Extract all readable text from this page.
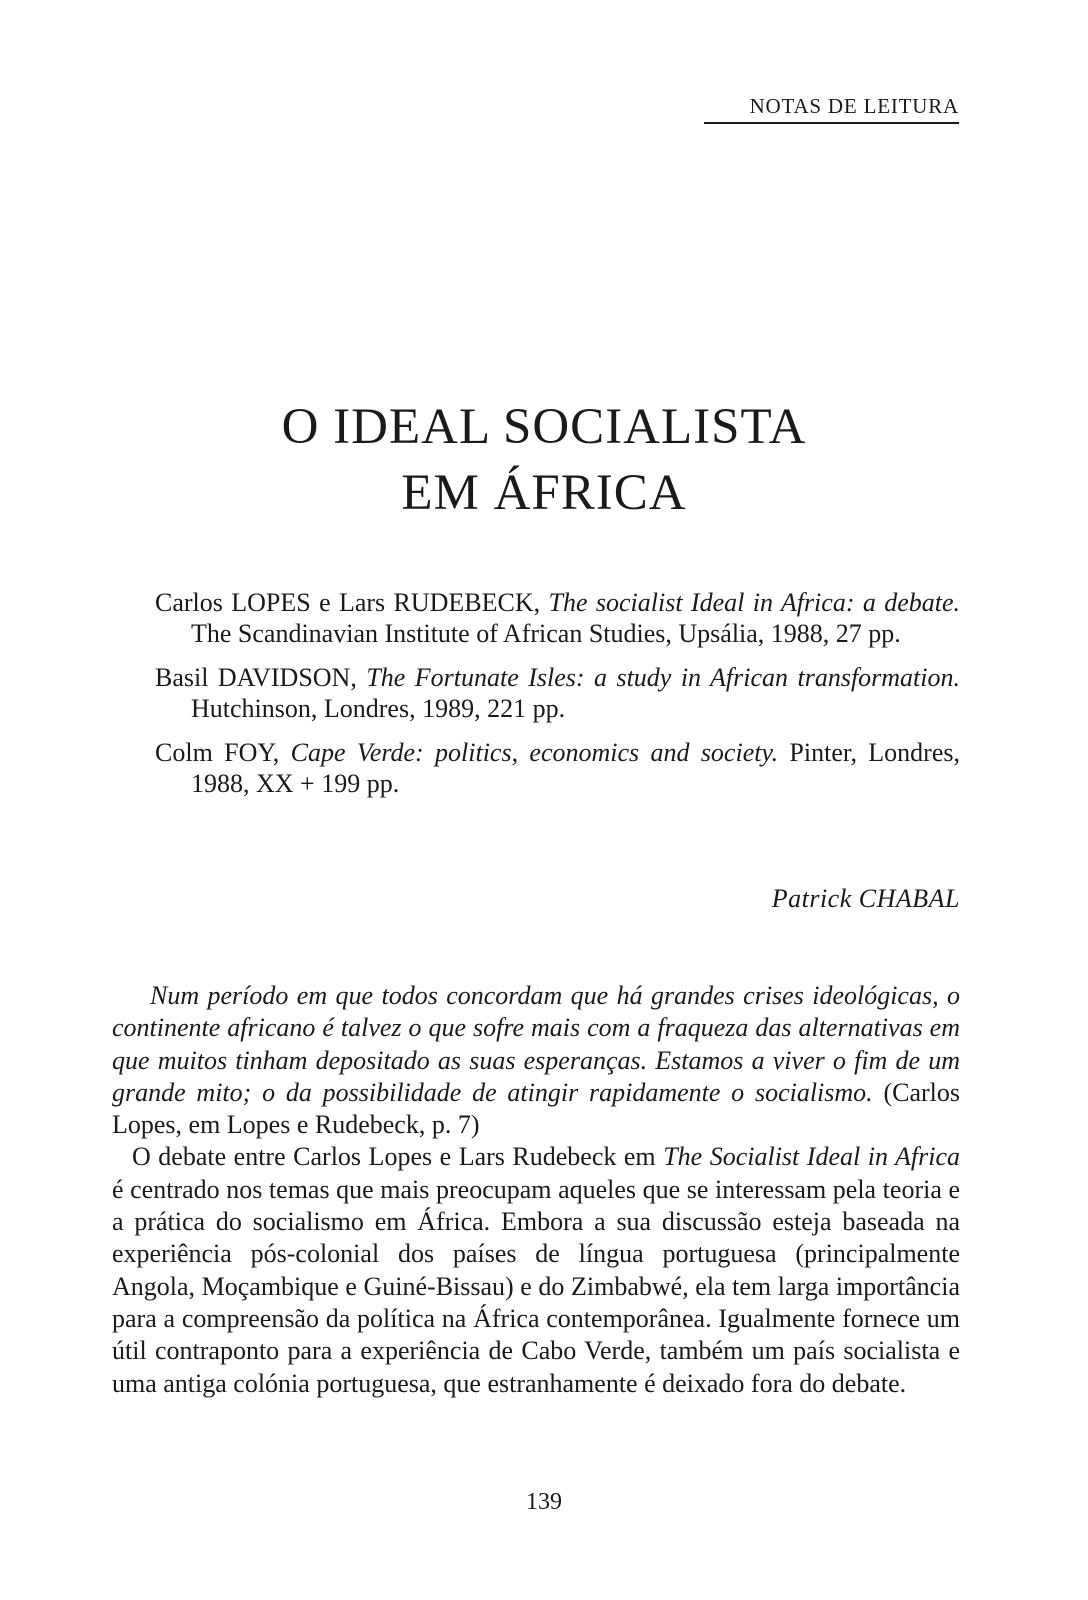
NOTAS DE LEITURA
O IDEAL SOCIALISTA
EM ÁFRICA

Carlos LOPES e Lars RUDEBECK, The socialist Ideal in Africa: a debate. The Scandinavian Institute of African Studies, Upsália, 1988, 27 pp.

Basil DAVIDSON, The Fortunate Isles: a study in African transformation. Hutchinson, Londres, 1989, 221 pp.

Colm FOY, Cape Verde: politics, economics and society. Pinter, Londres, 1988, XX + 199 pp.

Patrick CHABAL

Num período em que todos concordam que há grandes crises ideológicas, o continente africano é talvez o que sofre mais com a fraqueza das alternativas em que muitos tinham depositado as suas esperanças. Estamos a viver o fim de um grande mito; o da possibilidade de atingir rapidamente o socialismo. (Carlos Lopes, em Lopes e Rudebeck, p. 7)

O debate entre Carlos Lopes e Lars Rudebeck em The Socialist Ideal in Africa é centrado nos temas que mais preocupam aqueles que se interessam pela teoria e a prática do socialismo em África. Embora a sua discussão esteja baseada na experiência pós-colonial dos países de língua portuguesa (principalmente Angola, Moçambique e Guiné-Bissau) e do Zimbabwé, ela tem larga importância para a compreensão da política na África contemporânea. Igualmente fornece um útil contraponto para a experiência de Cabo Verde, também um país socialista e uma antiga colónia portuguesa, que estranhamente é deixado fora do debate.

139
